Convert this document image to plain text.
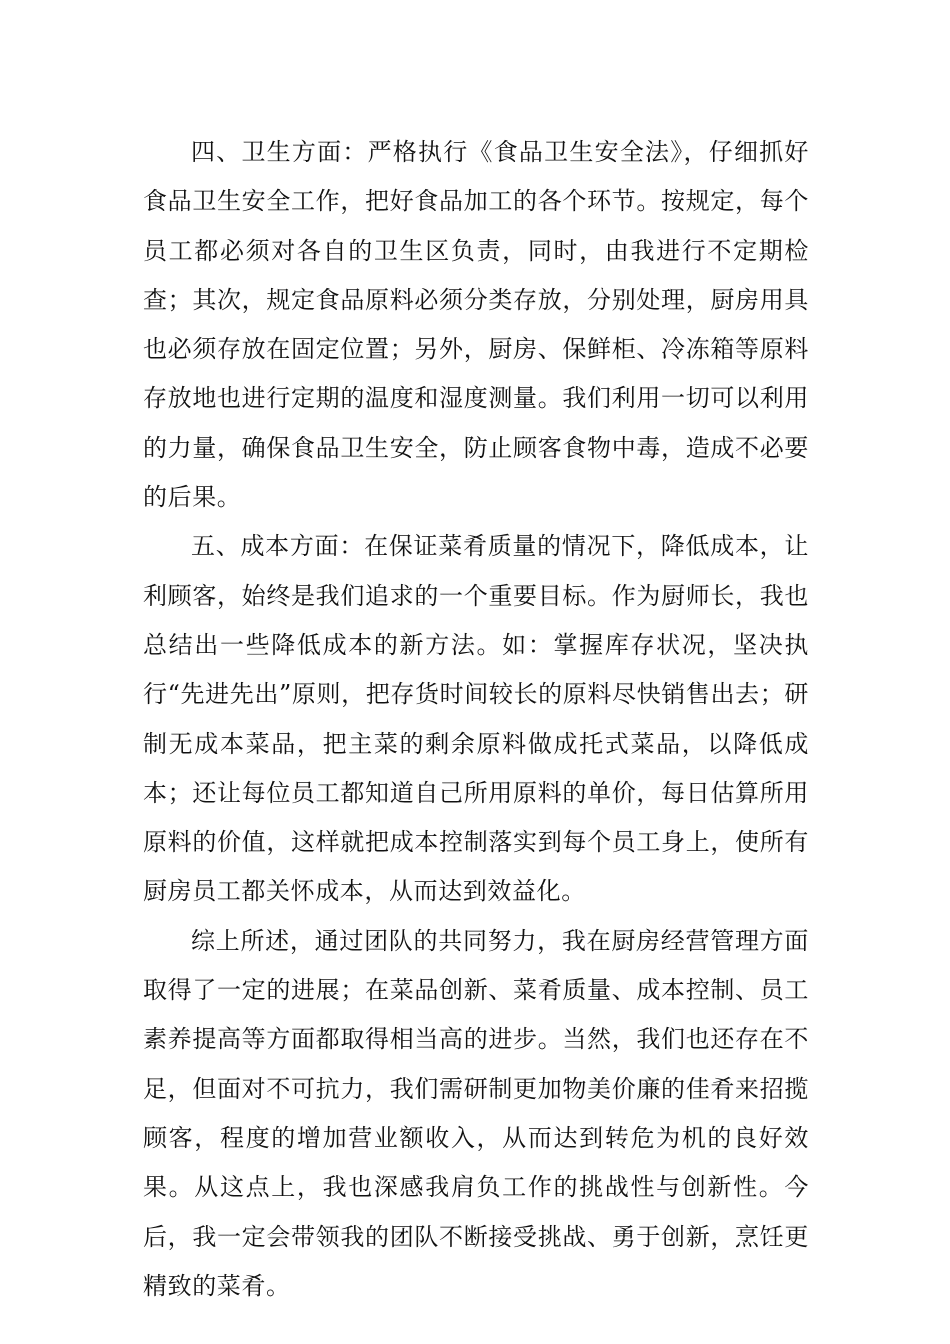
四、卫生方面：严格执行《食品卫生安全法》，仔细抓好食品卫生安全工作，把好食品加工的各个环节。按规定，每个员工都必须对各自的卫生区负责，同时，由我进行不定期检查；其次，规定食品原料必须分类存放，分别处理，厨房用具也必须存放在固定位置；另外，厨房、保鲜柜、冷冻箱等原料存放地也进行定期的温度和湿度测量。我们利用一切可以利用的力量，确保食品卫生安全，防止顾客食物中毒，造成不必要的后果。

五、成本方面：在保证菜肴质量的情况下，降低成本，让利顾客，始终是我们追求的一个重要目标。作为厨师长，我也总结出一些降低成本的新方法。如：掌握库存状况，坚决执行“先进先出”原则，把存货时间较长的原料尽快销售出去；研制无成本菜品，把主菜的剩余原料做成托式菜品，以降低成本；还让每位员工都知道自己所用原料的单价，每日估算所用原料的价值，这样就把成本控制落实到每个员工身上，使所有厨房员工都关怀成本，从而达到效益化。

综上所述，通过团队的共同努力，我在厨房经营管理方面取得了一定的进展；在菜品创新、菜肴质量、成本控制、员工素养提高等方面都取得相当高的进步。当然，我们也还存在不足，但面对不可抗力，我们需研制更加物美价廉的佳肴来招揽顾客，程度的增加营业额收入，从而达到转危为机的良好效果。从这点上，我也深感我肩负工作的挑战性与创新性。今后，我一定会带领我的团队不断接受挑战、勇于创新，烹饪更精致的菜肴。
